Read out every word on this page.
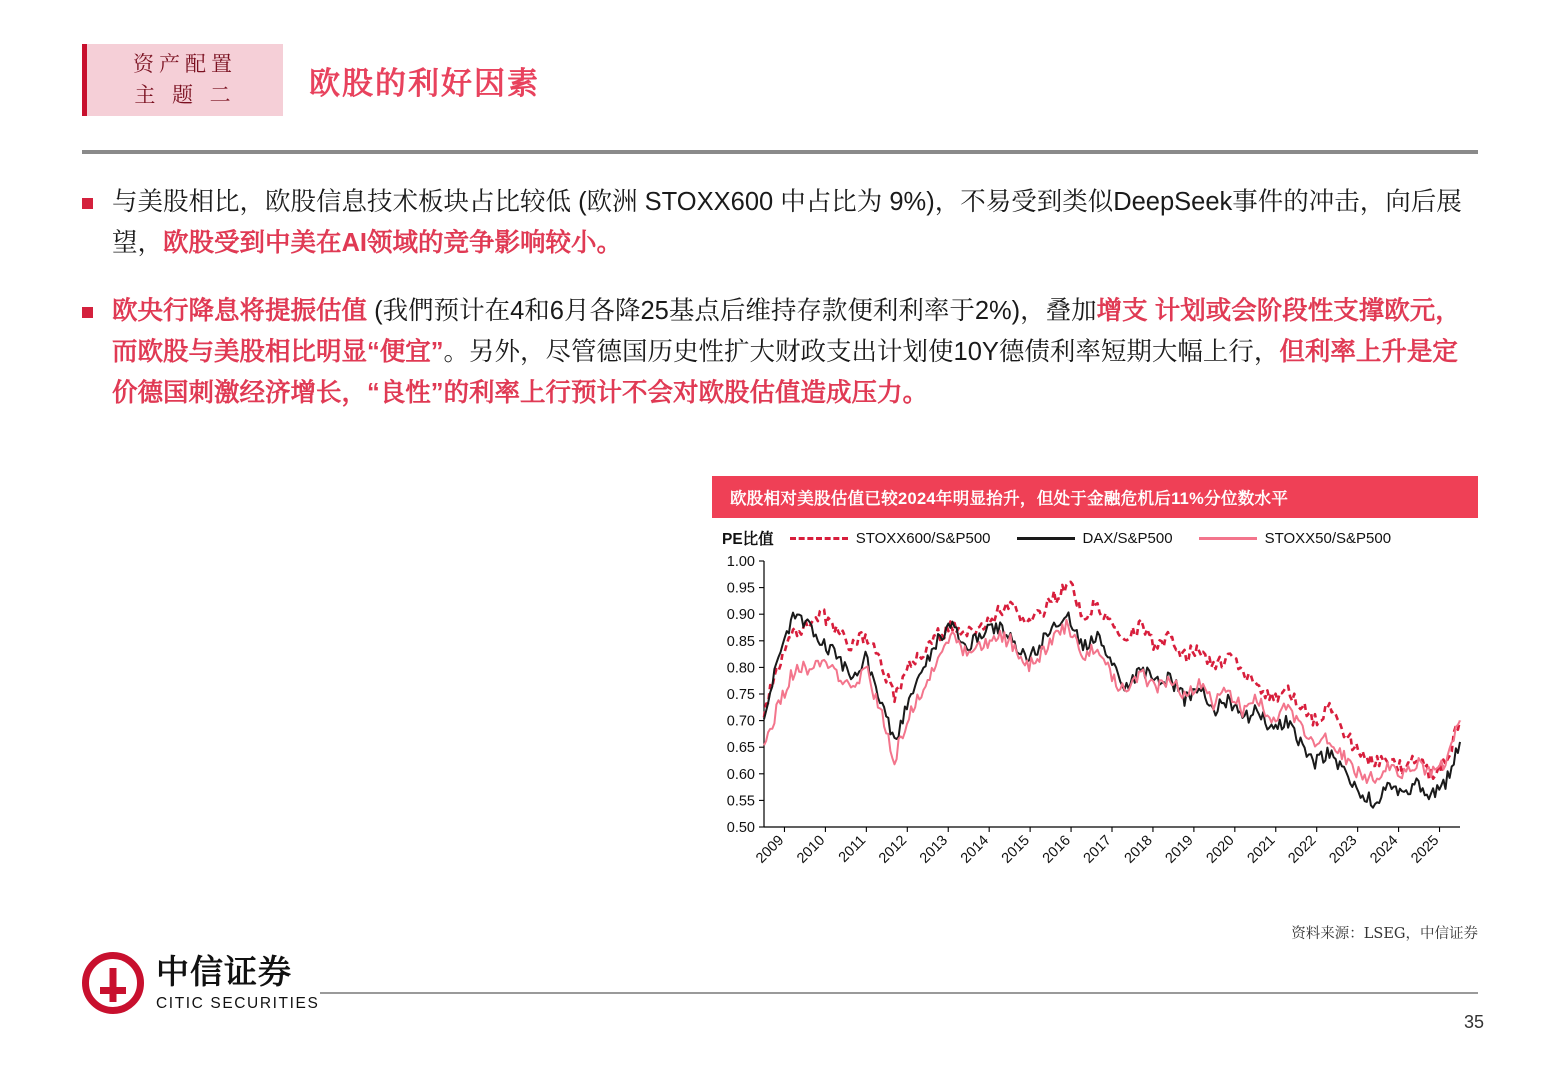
资产配置
主 题 二 欧股的利好因素
与美股相比，欧股信息技术板块占比较低 (欧洲 STOXX600 中占比为 9%)，不易受到类似DeepSeek事件的冲击，向后展望，欧股受到中美在AI领域的竞争影响较小。
欧央行降息将提振估值 (我們预计在4和6月各降25基点后维持存款便利利率于2%)，叠加增支 计划或会阶段性支撑欧元，而欧股与美股相比明显“便宜”。另外，尽管德国历史性扩大财政支出计划使10Y德债利率短期大幅上行，但利率上升是定价德国刺激经济增长，“良性”的利率上行预计不会对欧股估值造成压力。
欧股相对美股估值已较2024年明显抬升，但处于金融危机后11%分位数水平
PE比值	STOXX600/S&P500	DAX/S&P500	STOXX50/S&P500
1.00
0.95
0.90
0.85
0.80
0.75
0.70
0.65
0.60
0.55
0.50
2009 2010 2011 2012 2013 2014 2015 2016 2017 2018 2019 2020 2021 2022 2023 2024 2025
资料来源：LSEG，中信证券
中信证券
CITIC SECURITIES
35
